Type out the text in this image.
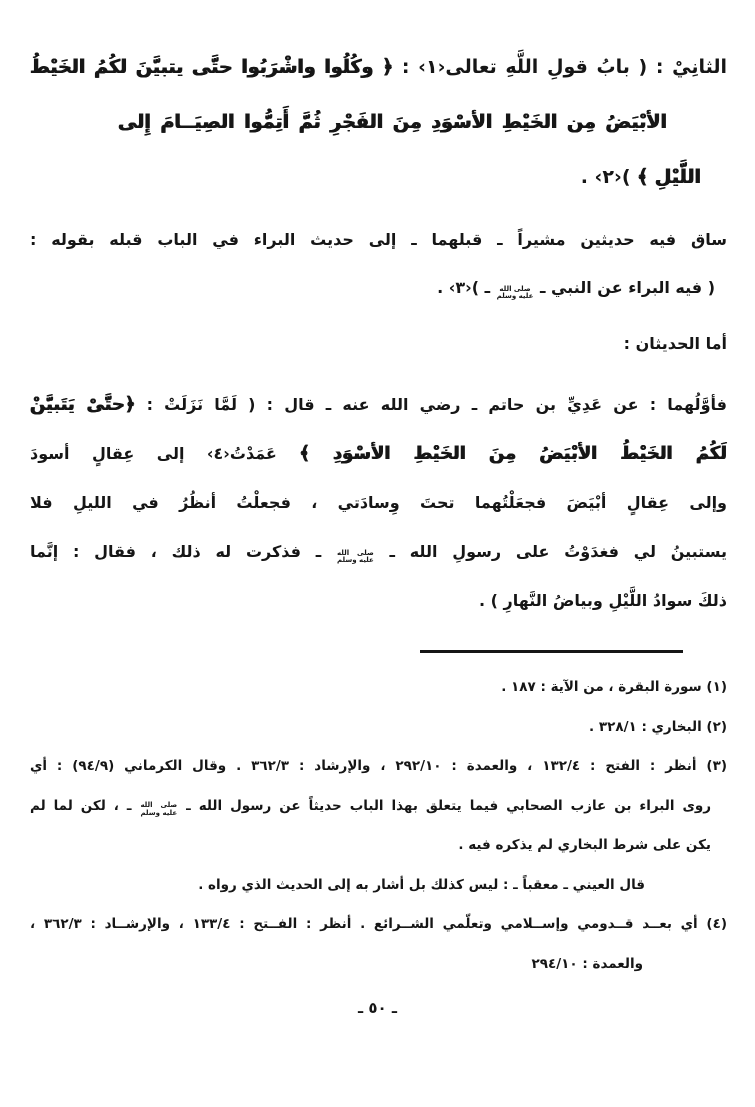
الثانِيْ : ( بابُ قولِ اللَّهِ تعالى‹١› : ﴿ وكُلُوا واشْرَبُوا حتَّى يتبيَّنَ لكُمُ الخَيْطُ
الأبْيَضُ مِن الخَيْطِ الأسْوَدِ مِنَ الفَجْرِ ثُمَّ أَتِمُّوا الصِيَــامَ إِلى
اللَّيْلِ ﴾ )‹٢› .
ساق فيه حديثين مشيراً ـ قبلهما ـ إلى حديث البراء في الباب قبله بقوله :
( فيه البراء عن النبي ـ
صلى الله
عليه وسلم
ـ )‹٣› .
أما الحديثان :
فأوَّلُهما : عن عَدِيِّ بن حاتم ـ رضي الله عنه ـ قال : ( لَمَّا نَزَلَتْ : ﴿حتَّىْ يَتَبيَّنْ
لَكُمُ الخَيْطُ الأبْيَضُ مِنَ الخَيْطِ الأسْوَدِ ﴾ عَمَدْتُ‹٤› إلى عِقالٍ أسودَ
وإلى عِقالٍ أبْيَضَ فجعَلْتُهما تحتَ وِسادَتي ، فجعلْتُ أنظُرُ في الليلِ فلا
يستبينُ لي فغدَوْتُ على رسولِ الله ـ
صلى الله
عليه وسلم
ـ فذكرت له ذلك ، فقال : إنَّما
ذلكَ سوادُ اللَّيْلِ وبياضُ النَّهارِ ) .
(١) سورة البقرة ، من الآية : ١٨٧ .
(٢) البخاري : ٣٢٨/١ .
(٣) أنظر : الفتح : ١٣٢/٤ ، والعمدة : ٢٩٢/١٠ ، والإرشاد : ٣٦٢/٣ . وقال الكرماني (٩٤/٩) : أي
روى البراء بن عازب الصحابي فيما يتعلق بهذا الباب حديثاً عن رسول الله ـ
صلى الله
عليه وسلم
ـ ، لكن لما لم
يكن على شرط البخاري لم يذكره فيه .
قال العيني ـ معقباً ـ : ليس كذلك بل أشار به إلى الحديث الذي رواه .
(٤) أي بعــد قــدومي وإســلامي وتعلّمي الشــرائع . أنظر : الفــتح : ١٣٣/٤ ، والإرشــاد : ٣٦٢/٣ ،
والعمدة : ٢٩٤/١٠
ـ ٥٠ ـ
